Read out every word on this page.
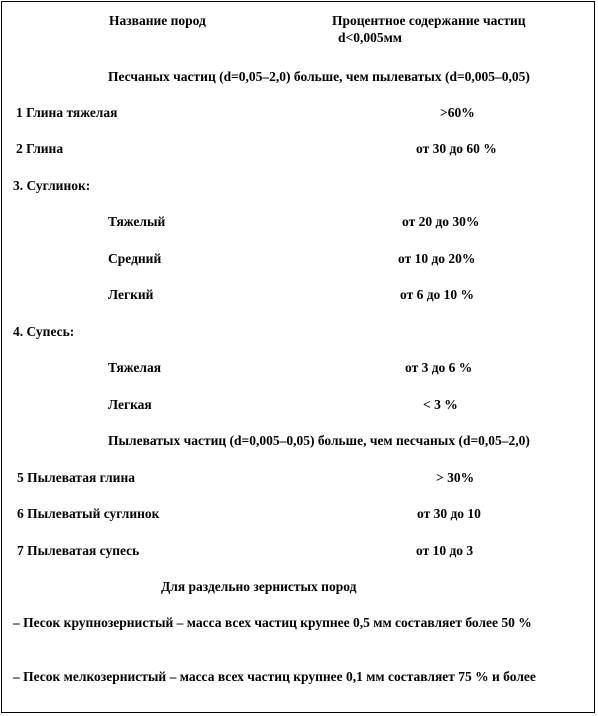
Название пород	Процентное содержание частиц
d<0,005мм
Песчаных частиц (d=0,05–2,0) больше, чем пылеватых (d=0,005–0,05)
1 Глина тяжелая	>60%
2 Глина	от 30 до 60 %
3. Суглинок:
Тяжелый	от 20 до 30%
Средний	от 10 до 20%
Легкий	от 6 до 10 %
4. Супесь:
Тяжелая	от 3 до 6 %
Легкая	< 3 %
Пылеватых частиц (d=0,005–0,05) больше, чем песчаных (d=0,05–2,0)
5 Пылеватая глина	> 30%
6 Пылеватый суглинок	от 30 до 10
7 Пылеватая супесь	от 10 до 3
Для раздельно зернистых пород
– Песок крупнозернистый – масса всех частиц крупнее 0,5 мм составляет более 50 %
– Песок мелкозернистый – масса всех частиц крупнее 0,1 мм составляет 75 % и более
